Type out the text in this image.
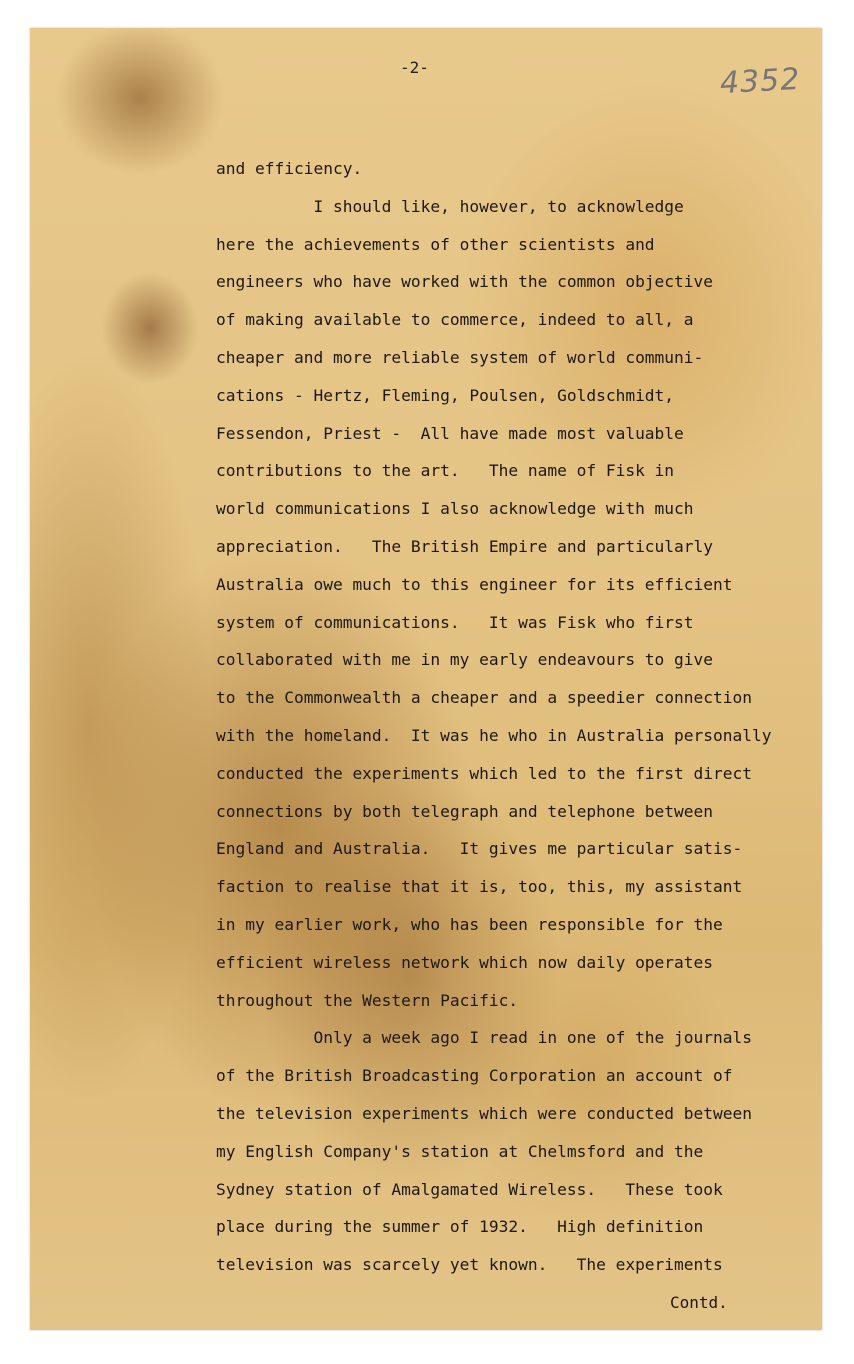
-2-	4352
and efficiency.
I should like, however, to acknowledge
here the achievements of other scientists and
engineers who have worked with the common objective
of making available to commerce, indeed to all, a
cheaper and more reliable system of world communi-
cations - Hertz, Fleming, Poulsen, Goldschmidt,
Fessendon, Priest -  All have made most valuable
contributions to the art.   The name of Fisk in
world communications I also acknowledge with much
appreciation.   The British Empire and particularly
Australia owe much to this engineer for its efficient
system of communications.   It was Fisk who first
collaborated with me in my early endeavours to give
to the Commonwealth a cheaper and a speedier connection
with the homeland.  It was he who in Australia personally
conducted the experiments which led to the first direct
connections by both telegraph and telephone between
England and Australia.   It gives me particular satis-
faction to realise that it is, too, this, my assistant
in my earlier work, who has been responsible for the
efficient wireless network which now daily operates
throughout the Western Pacific.
Only a week ago I read in one of the journals
of the British Broadcasting Corporation an account of
the television experiments which were conducted between
my English Company's station at Chelmsford and the
Sydney station of Amalgamated Wireless.   These took
place during the summer of 1932.   High definition
television was scarcely yet known.   The experiments
Contd.
